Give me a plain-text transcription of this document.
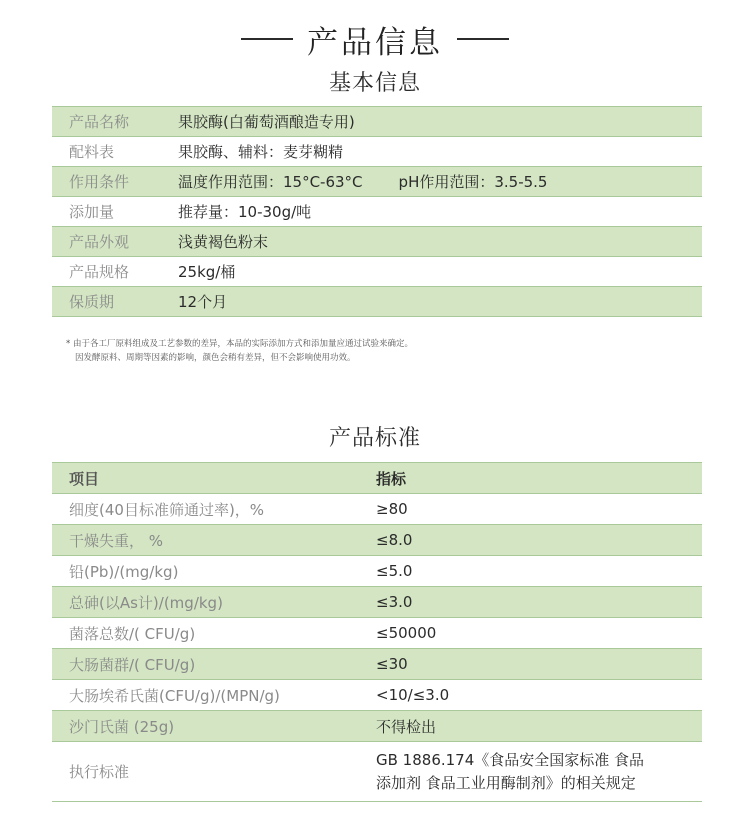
产品信息
基本信息
产品名称	果胶酶(白葡萄酒酿造专用)
配料表	果胶酶、辅料：麦芽糊精
作用条件	温度作用范围：15°C-63°C pH作用范围：3.5-5.5
添加量	推荐量：10-30g/吨
产品外观	浅黄褐色粉末
产品规格	25kg/桶
保质期	12个月
* 由于各工厂原料组成及工艺参数的差异，本品的实际添加方式和添加量应通过试验来确定。
因发酵原料、周期等因素的影响，颜色会稍有差异，但不会影响使用功效。
产品标准
项目	指标
细度(40目标准筛通过率)，%	≥80
干燥失重， %	≤8.0
铅(Pb)/(mg/kg)	≤5.0
总砷(以As计)/(mg/kg)	≤3.0
菌落总数/( CFU/g)	≤50000
大肠菌群/( CFU/g)	≤30
大肠埃希氏菌(CFU/g)/(MPN/g)	<10/≤3.0
沙门氏菌 (25g)	不得检出
执行标准	GB 1886.174《食品安全国家标准 食品
添加剂 食品工业用酶制剂》的相关规定
